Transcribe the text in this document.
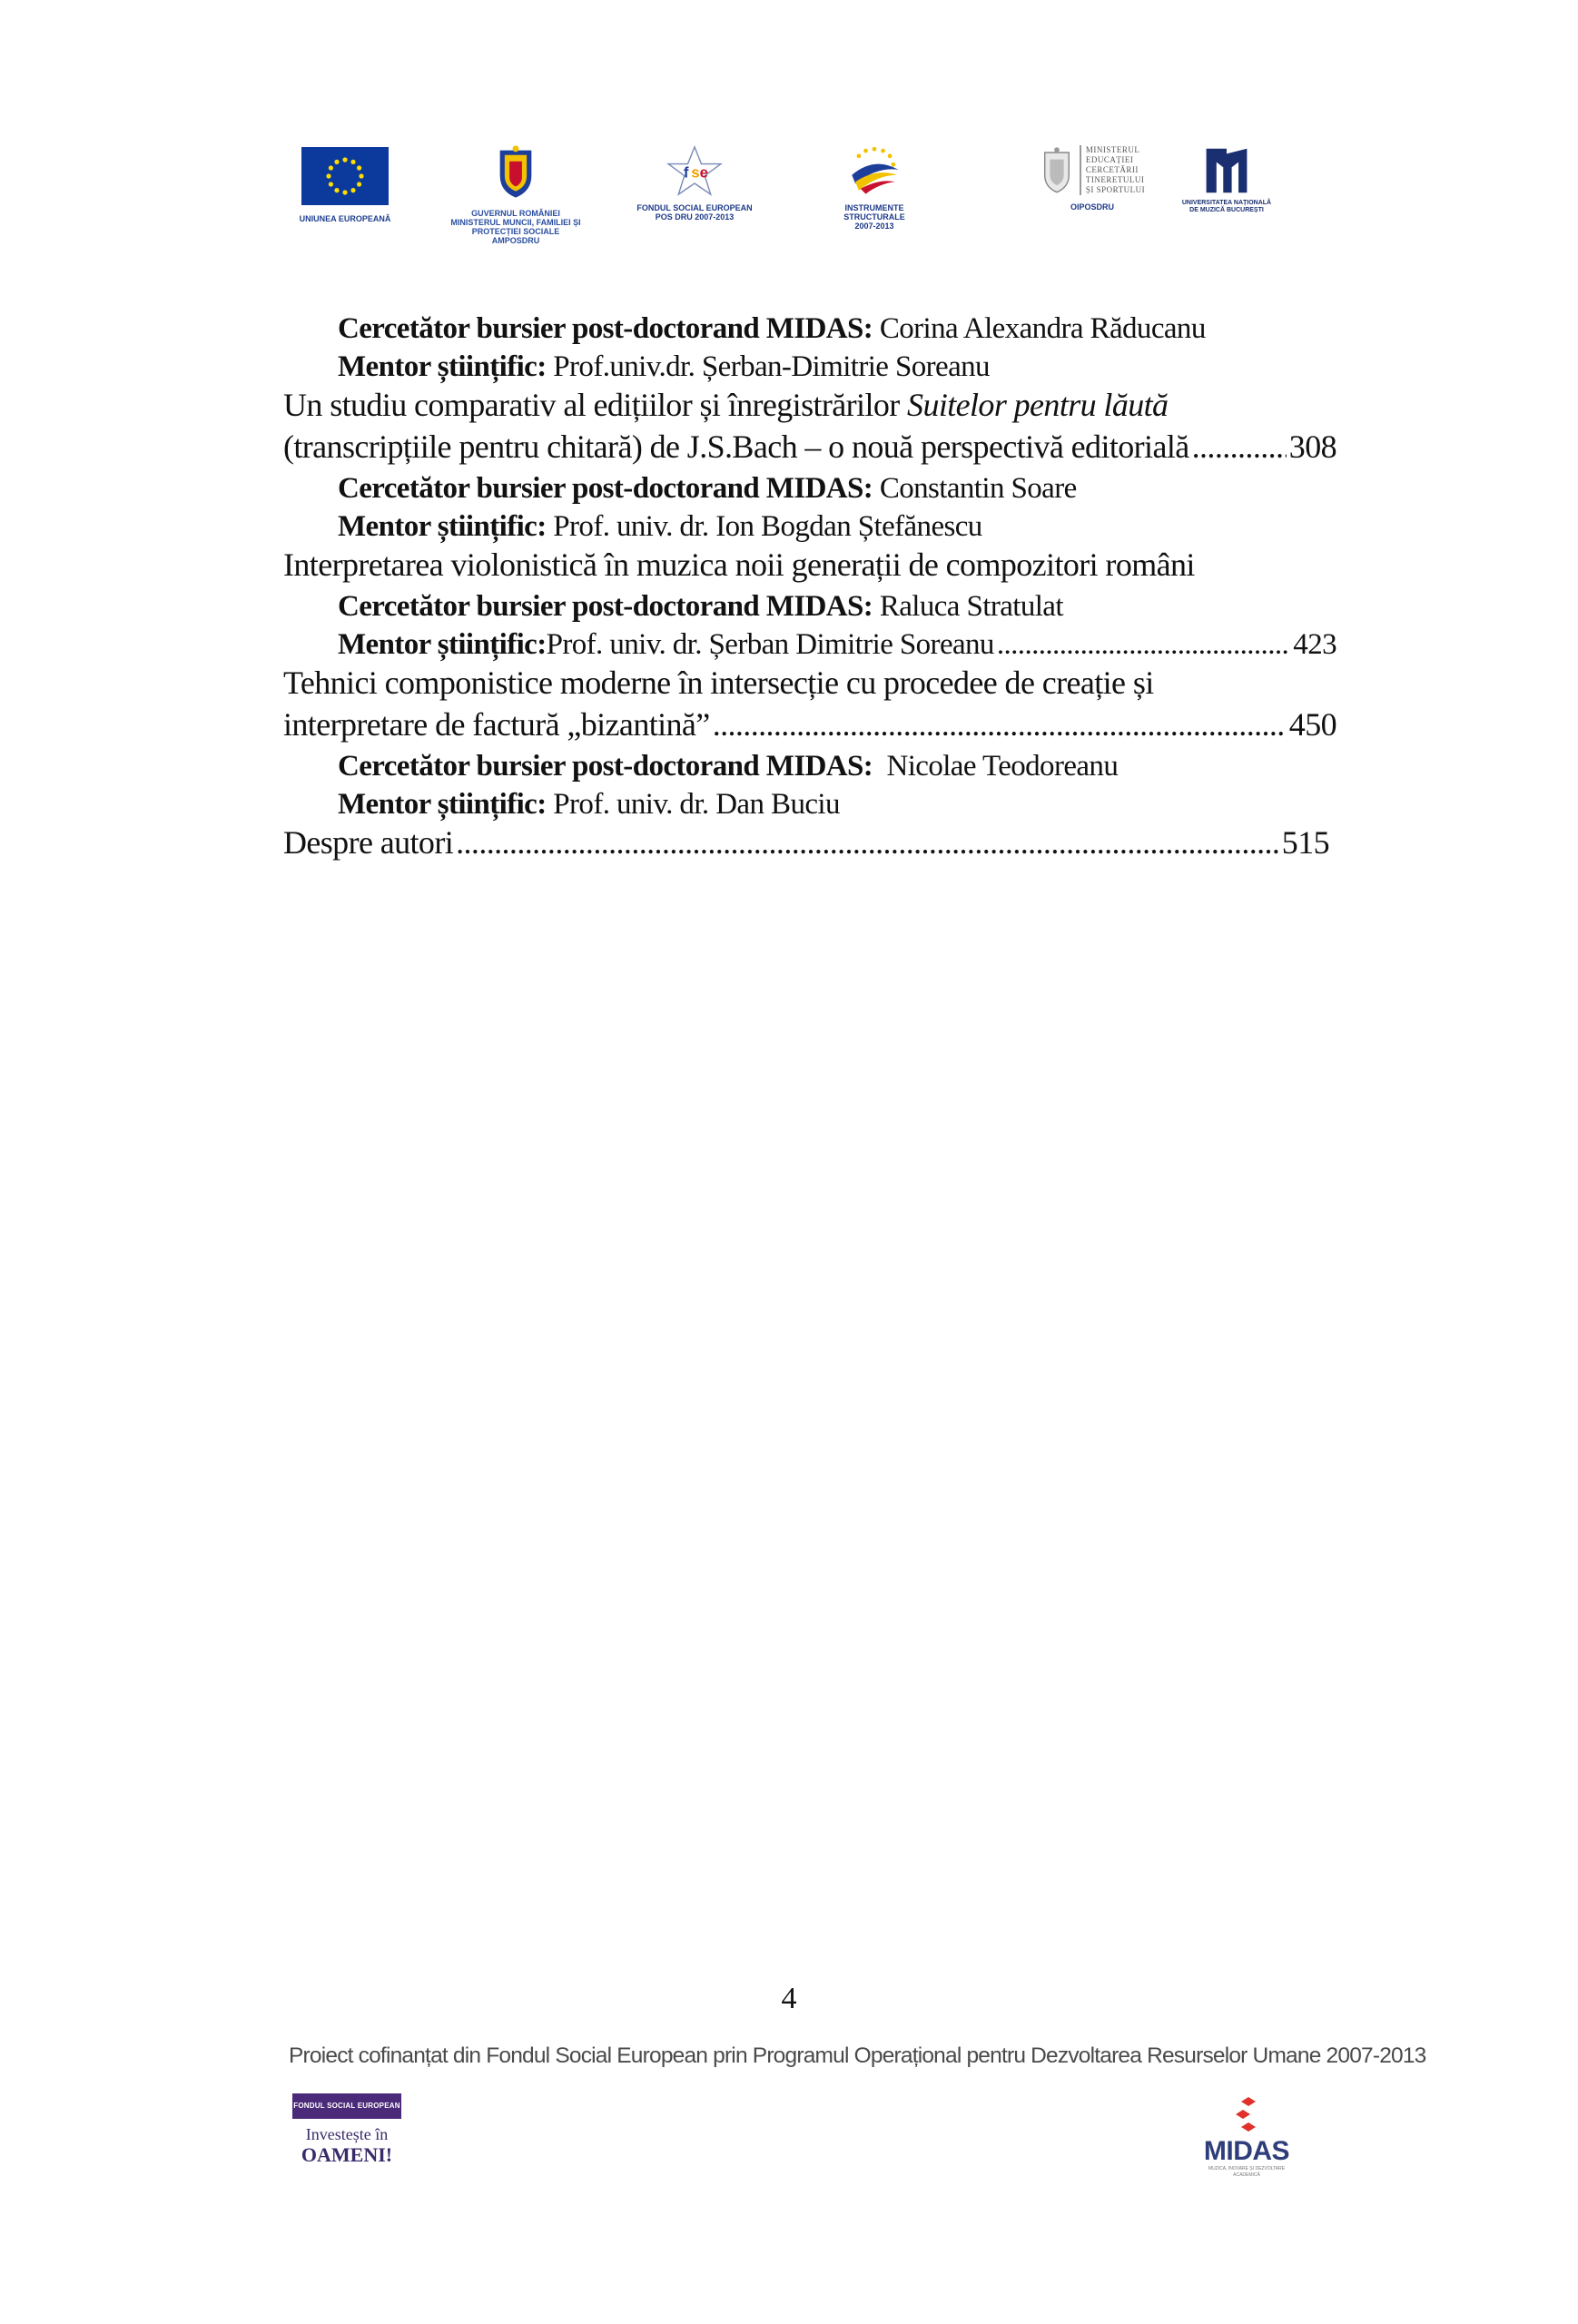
UNIUNEA EUROPEANĂ
GUVERNUL ROMÂNIEI
MINISTERUL MUNCII, FAMILIEI ȘI
PROTECȚIEI SOCIALE
AMPOSDRU
f s e
FONDUL SOCIAL EUROPEAN
POS DRU 2007-2013
INSTRUMENTE STRUCTURALE
2007-2013
MINISTERUL
EDUCAȚIEI
CERCETĂRII
TINERETULUI
ȘI SPORTULUI
OIPOSDRU	UNIVERSITATEA NAȚIONALĂ
DE MUZICĂ BUCUREȘTI
Cercetător bursier post-doctorand MIDAS: Corina Alexandra Răducanu
Mentor științific: Prof.univ.dr. Șerban-Dimitrie Soreanu
Un studiu comparativ al edițiilor și înregistrărilor Suitelor pentru lăută
(transcripțiile pentru chitară) de J.S.Bach – o nouă perspectivă editorială .....	308
Cercetător bursier post-doctorand MIDAS: Constantin Soare
Mentor științific: Prof. univ. dr. Ion Bogdan Ștefănescu
Interpretarea violonistică în muzica noii generații de compozitori români
Cercetător bursier post-doctorand MIDAS: Raluca Stratulat
Mentor științific: Prof. univ. dr. Șerban Dimitrie Soreanu .....	423
Tehnici componistice moderne în intersecție cu procedee de creație și
interpretare de factură „bizantină” .....	450
Cercetător bursier post-doctorand MIDAS:  Nicolae Teodoreanu
Mentor științific: Prof. univ. dr. Dan Buciu
Despre autori .....	515
4
Proiect cofinanțat din Fondul Social European prin Programul Operațional pentru Dezvoltarea Resurselor Umane 2007-2013
FONDUL SOCIAL EUROPEAN
Investește în
OAMENI!	MIDAS
MUZICA, INOVARE ȘI DEZVOLTARE ACADEMICĂ
